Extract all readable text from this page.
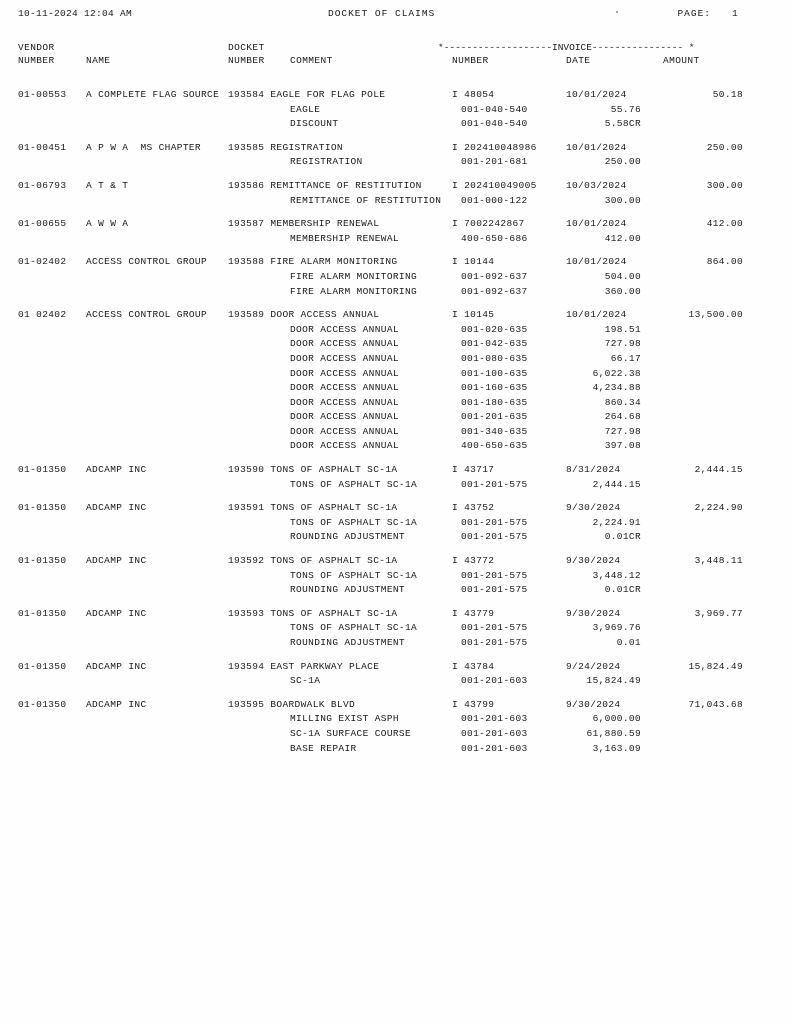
10-11-2024 12:04 AM	DOCKET OF CLAIMS	PAGE: 1
VENDOR
NUMBER	NAME
DOCKET
NUMBER	COMMENT
*-------------------INVOICE---------------- *
NUMBER	DATE	AMOUNT
01-00553 A COMPLETE FLAG SOURCE 193584 EAGLE FOR FLAG POLE	I 48054	10/01/2024	50.18
EAGLE	001-040-540	55.76
DISCOUNT	001-040-540	5.58CR
01-00451 A P W A  MS CHAPTER	193585 REGISTRATION	I 202410048986	10/01/2024	250.00
REGISTRATION	001-201-681	250.00
01-06793 A T & T	193586 REMITTANCE OF RESTITUTION	I 202410049005	10/03/2024	300.00
REMITTANCE OF RESTITUTION 001-000-122	300.00
01-00655 A W W A	193587 MEMBERSHIP RENEWAL	I 7002242867	10/01/2024	412.00
MEMBERSHIP RENEWAL	400-650-686	412.00
01-02402 ACCESS CONTROL GROUP 193588 FIRE ALARM MONITORING	I 10144	10/01/2024	864.00
FIRE ALARM MONITORING	001-092-637	504.00
FIRE ALARM MONITORING	001-092-637	360.00
01 02402 ACCESS CONTROL GROUP 193589 DOOR ACCESS ANNUAL	I 10145	10/01/2024	13,500.00
DOOR ACCESS ANNUAL	001-020-635	198.51
DOOR ACCESS ANNUAL	001-042-635	727.98
DOOR ACCESS ANNUAL	001-080-635	66.17
DOOR ACCESS ANNUAL	001-100-635	6,022.38
DOOR ACCESS ANNUAL	001-160-635	4,234.88
DOOR ACCESS ANNUAL	001-180-635	860.34
DOOR ACCESS ANNUAL	001-201-635	264.68
DOOR ACCESS ANNUAL	001-340-635	727.98
DOOR ACCESS ANNUAL	400-650-635	397.08
01-01350 ADCAMP INC	193590 TONS OF ASPHALT SC-1A	I 43717	8/31/2024	2,444.15
TONS OF ASPHALT SC-1A	001-201-575	2,444.15
01-01350 ADCAMP INC	193591 TONS OF ASPHALT SC-1A	I 43752	9/30/2024	2,224.90
TONS OF ASPHALT SC-1A	001-201-575	2,224.91
ROUNDING ADJUSTMENT	001-201-575	0.01CR
01-01350 ADCAMP INC	193592 TONS OF ASPHALT SC-1A	I 43772	9/30/2024	3,448.11
TONS OF ASPHALT SC-1A	001-201-575	3,448.12
ROUNDING ADJUSTMENT	001-201-575	0.01CR
01-01350 ADCAMP INC	193593 TONS OF ASPHALT SC-1A	I 43779	9/30/2024	3,969.77
TONS OF ASPHALT SC-1A	001-201-575	3,969.76
ROUNDING ADJUSTMENT	001-201-575	0.01
01-01350 ADCAMP INC	193594 EAST PARKWAY PLACE	I 43784	9/24/2024	15,824.49
SC-1A	001-201-603	15,824.49
01-01350 ADCAMP INC	193595 BOARDWALK BLVD	I 43799	9/30/2024	71,043.68
MILLING EXIST ASPH	001-201-603	6,000.00
SC-1A SURFACE COURSE	001-201-603	61,880.59
BASE REPAIR	001-201-603	3,163.09
